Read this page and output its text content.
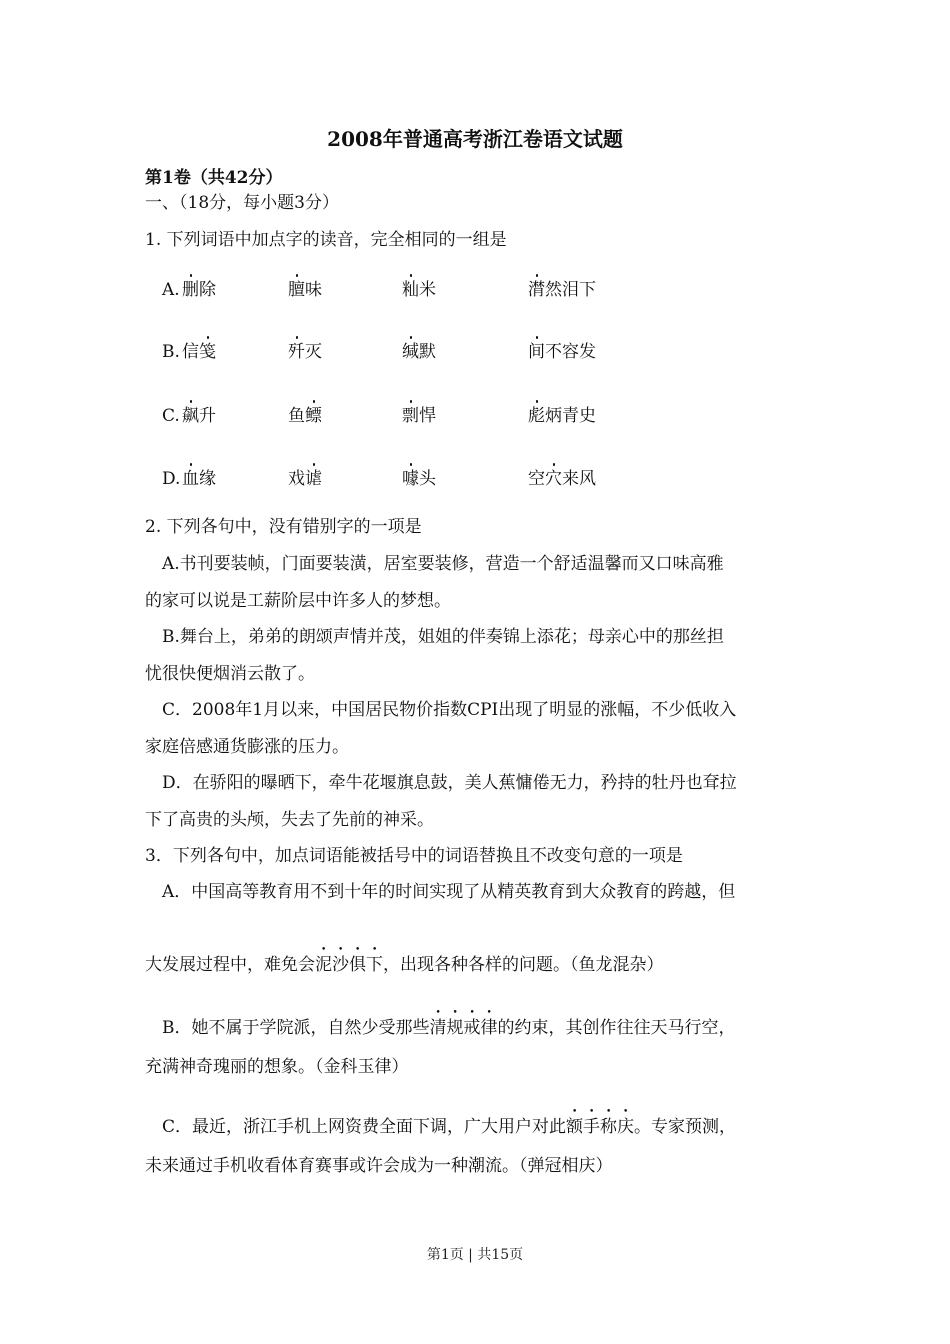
2008年普通高考浙江卷语文试题
第1卷（共42分）
一、（18分，每小题3分）
1. 下列词语中加点字的读音，完全相同的一组是
A. 删除	膻味	籼米	潸然泪下
B. 信笺	歼灭	缄默	间不容发
C. 飙升	鱼鳔	剽悍	彪炳青史
D. 血缘	戏谑	噱头	空穴来风
2. 下列各句中，没有错别字的一项是
A.书刊要装帧，门面要装潢，居室要装修，营造一个舒适温馨而又口味高雅
的家可以说是工薪阶层中许多人的梦想。
B.舞台上，弟弟的朗颂声情并茂，姐姐的伴奏锦上添花；母亲心中的那丝担
忧很快便烟消云散了。
C．2008年1月以来，中国居民物价指数CPI出现了明显的涨幅，不少低收入
家庭倍感通货膨涨的压力。
D．在骄阳的曝晒下，牵牛花堰旗息鼓，美人蕉慵倦无力，矜持的牡丹也耷拉
下了高贵的头颅，失去了先前的神采。
3．下列各句中，加点词语能被括号中的词语替换且不改变句意的一项是
A．中国高等教育用不到十年的时间实现了从精英教育到大众教育的跨越，但
大发展过程中，难免会泥沙俱下，出现各种各样的问题。（鱼龙混杂）
B．她不属于学院派，自然少受那些清规戒律的约束，其创作往往天马行空，
充满神奇瑰丽的想象。（金科玉律）
C．最近，浙江手机上网资费全面下调，广大用户对此额手称庆。专家预测，
未来通过手机收看体育赛事或许会成为一种潮流。（弹冠相庆）
第1页 | 共15页
